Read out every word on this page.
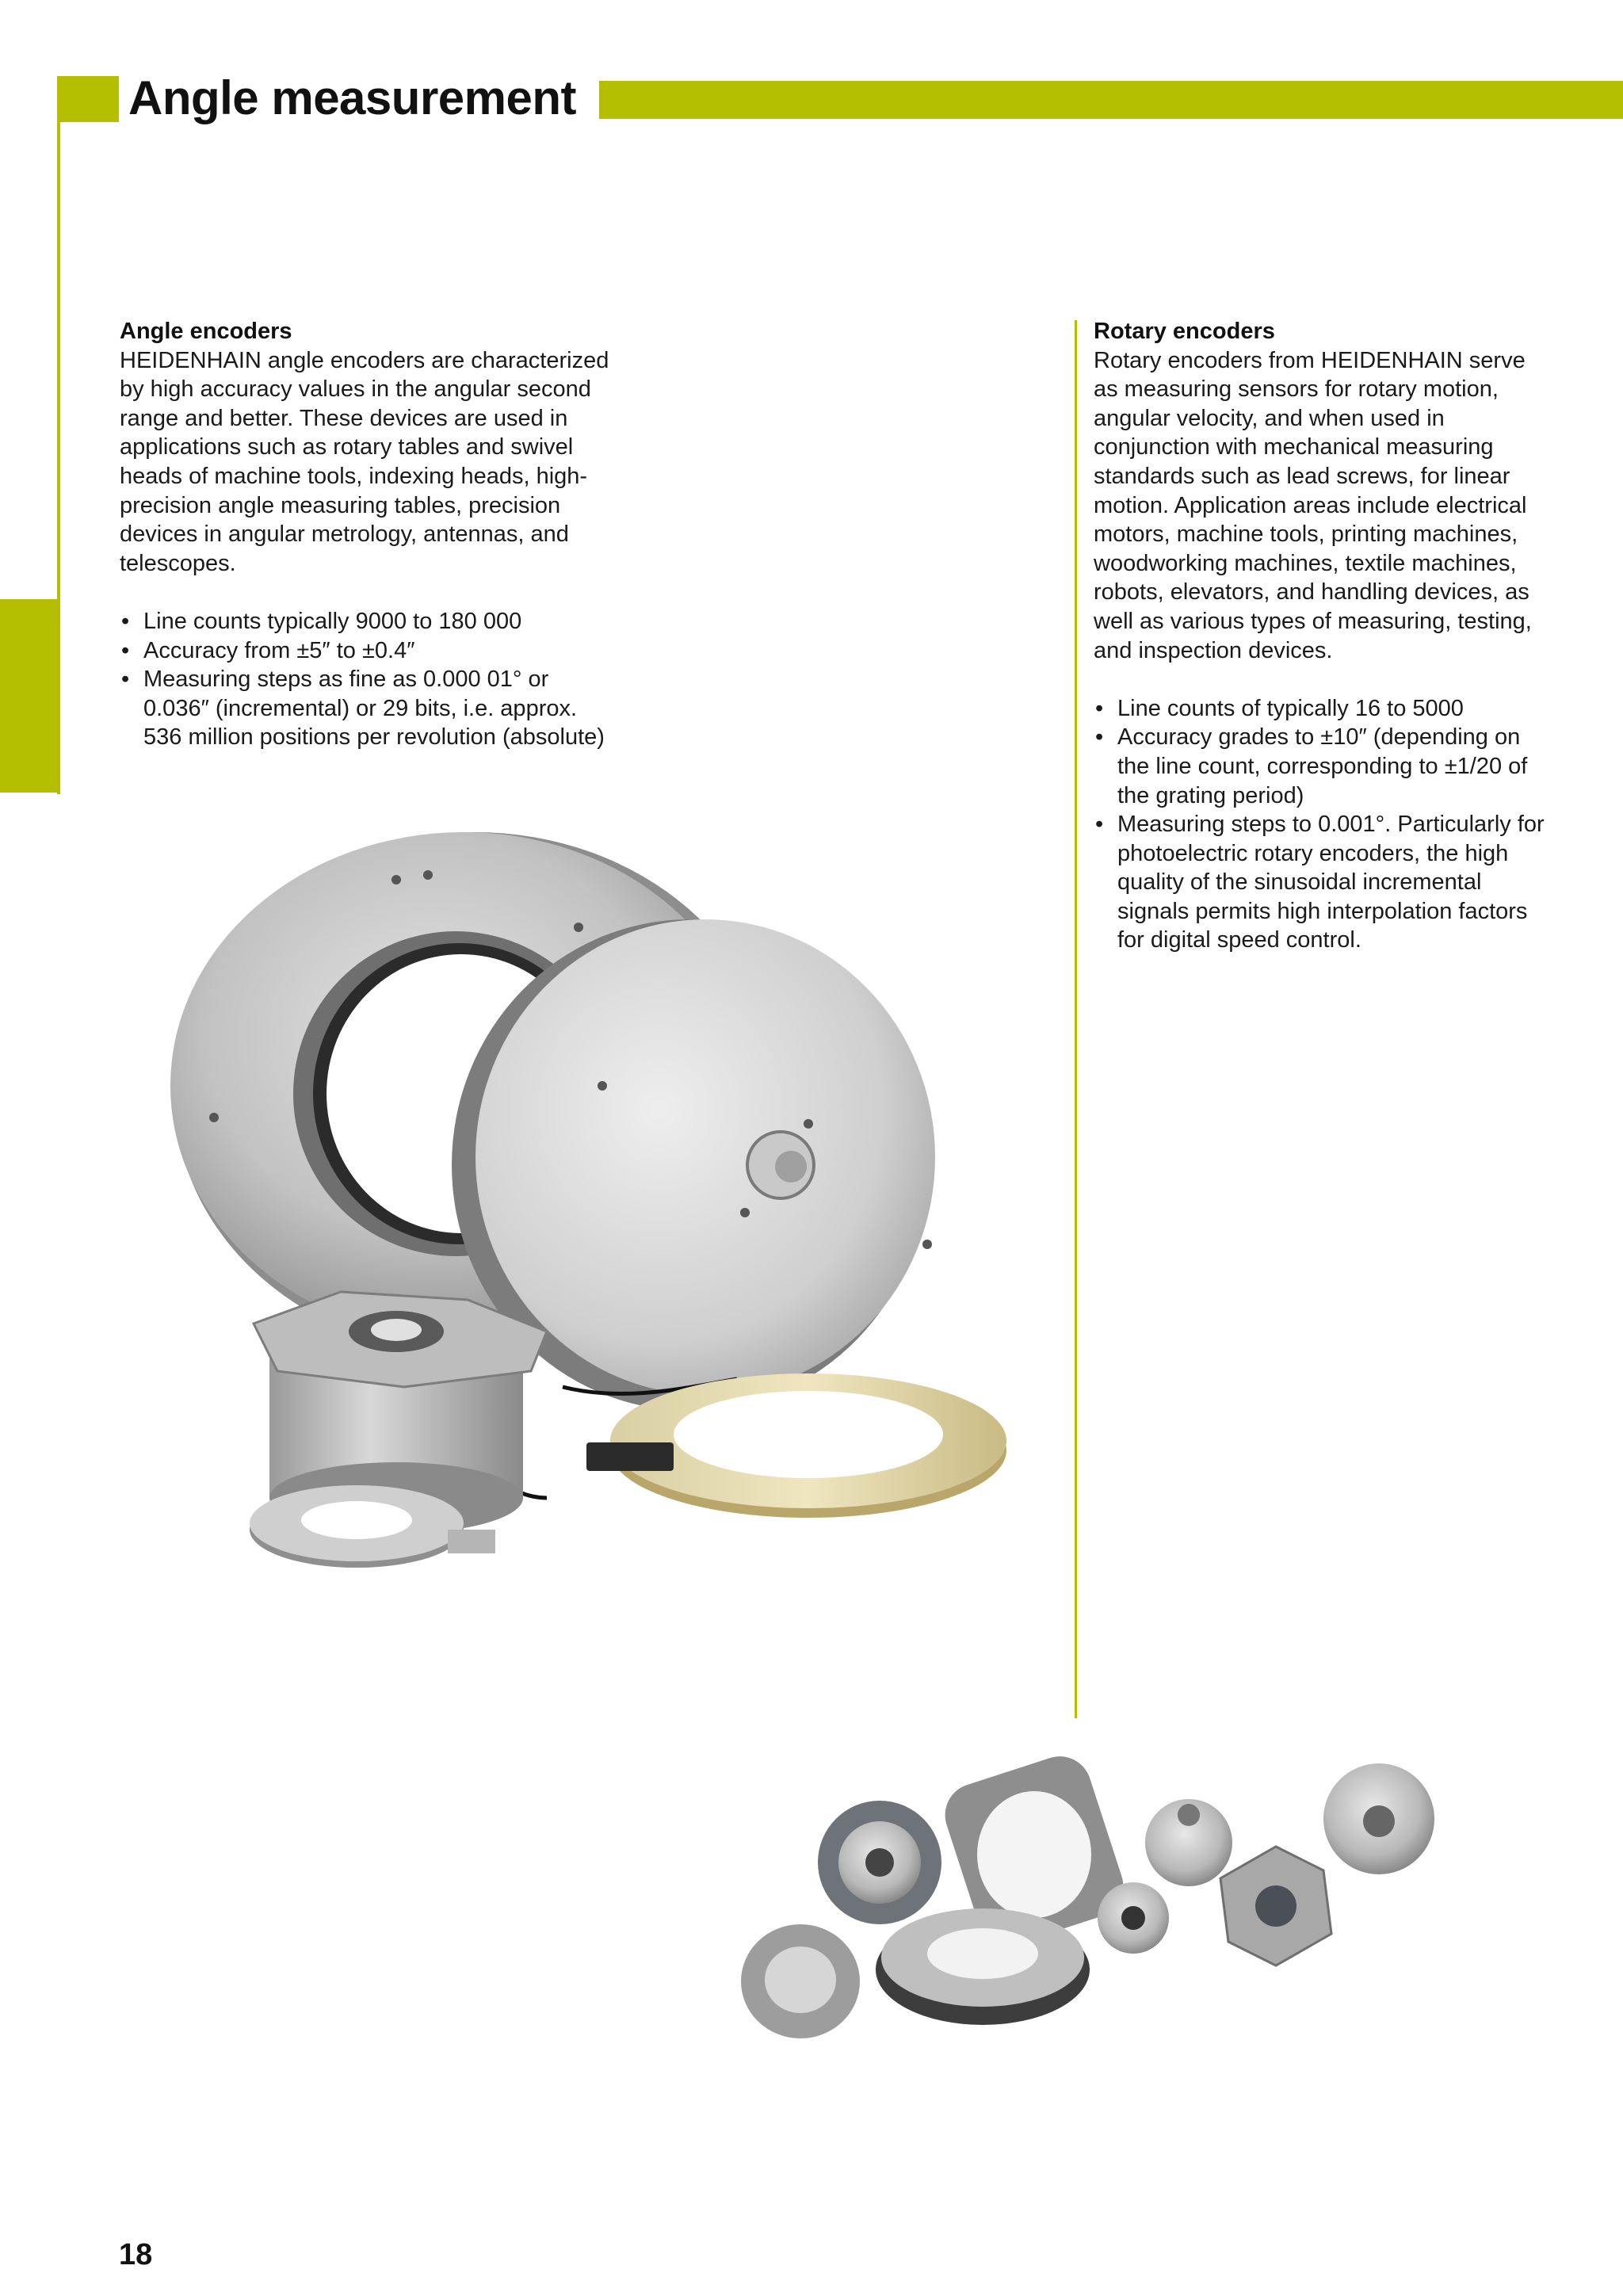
Angle measurement
Angle encoders

HEIDENHAIN angle encoders are characterized by high accuracy values in the angular second range and better. These devices are used in applications such as rotary tables and swivel heads of machine tools, indexing heads, high-precision angle measuring tables, precision devices in angular metrology, antennas, and telescopes.

• Line counts typically 9000 to 180 000
• Accuracy from ±5″ to ±0.4″
• Measuring steps as fine as 0.000 01° or 0.036″ (incremental) or 29 bits, i.e. approx. 536 million positions per revolution (absolute)
Rotary encoders

Rotary encoders from HEIDENHAIN serve as measuring sensors for rotary motion, angular velocity, and when used in conjunction with mechanical measuring standards such as lead screws, for linear motion. Application areas include electrical motors, machine tools, printing machines, woodworking machines, textile machines, robots, elevators, and handling devices, as well as various types of measuring, testing, and inspection devices.

• Line counts of typically 16 to 5000
• Accuracy grades to ±10″ (depending on the line count, corresponding to ±1/20 of the grating period)
• Measuring steps to 0.001°. Particularly for photoelectric rotary encoders, the high quality of the sinusoidal incremental signals permits high interpolation factors for digital speed control.

18
